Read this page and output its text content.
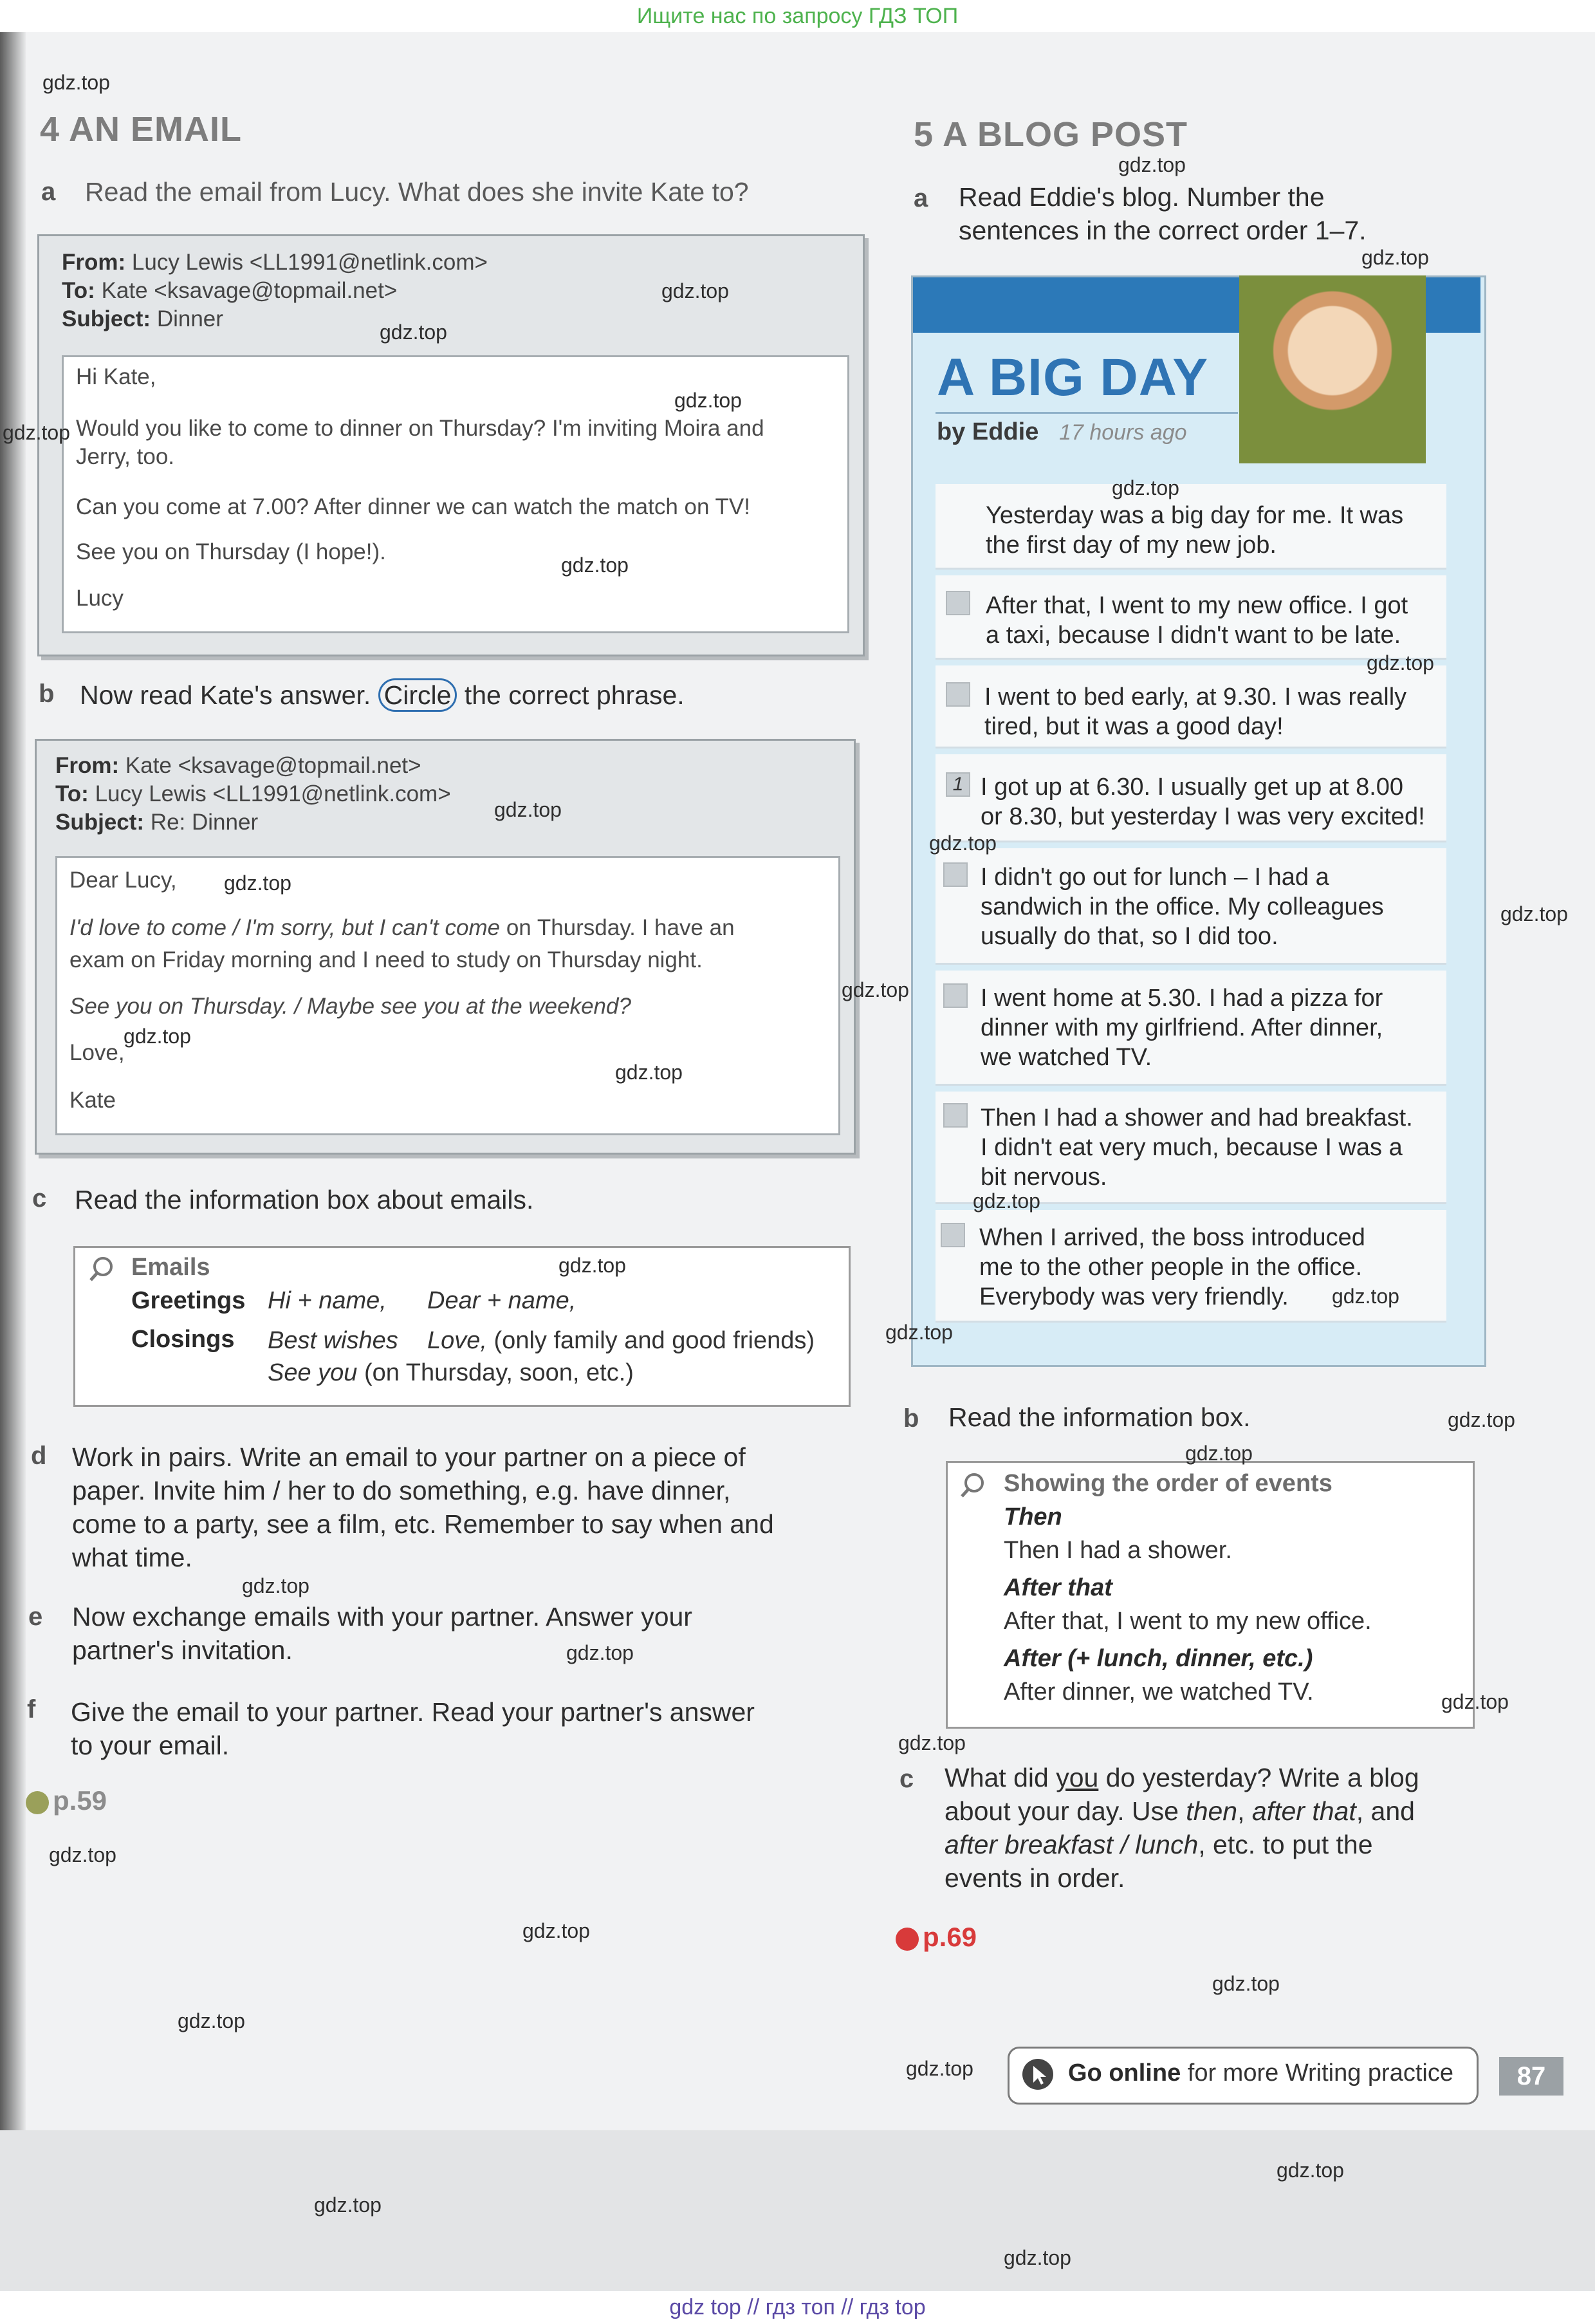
Ищите нас по запросу ГДЗ ТОП
gdz top // гдз топ // гдз top
4 AN EMAIL
a Read the email from Lucy. What does she invite Kate to?
From: Lucy Lewis <LL1991@netlink.com>
To: Kate <ksavage@topmail.net>
Subject: Dinner
Hi Kate,
Would you like to come to dinner on Thursday? I'm inviting Moira and
Jerry, too.
Can you come at 7.00? After dinner we can watch the match on TV!
See you on Thursday (I hope!).
Lucy
b Now read Kate's answer. Circle the correct phrase.
From: Kate <ksavage@topmail.net>
To: Lucy Lewis <LL1991@netlink.com>
Subject: Re: Dinner
Dear Lucy,
I'd love to come / I'm sorry, but I can't come on Thursday. I have an
exam on Friday morning and I need to study on Thursday night.
See you on Thursday. / Maybe see you at the weekend?
Love,
Kate
c Read the information box about emails.
Emails
Greetings Hi + name, Dear + name,
Closings Best wishes Love, (only family and good friends)
See you (on Thursday, soon, etc.)
d Work in pairs. Write an email to your partner on a piece of
paper. Invite him / her to do something, e.g. have dinner,
come to a party, see a film, etc. Remember to say when and
what time.
e Now exchange emails with your partner. Answer your
partner's invitation.
f Give the email to your partner. Read your partner's answer
to your email.
p.59
5 A BLOG POST
a Read Eddie's blog. Number the
sentences in the correct order 1–7.
A BIG DAY
by Eddie 17 hours ago
Yesterday was a big day for me. It was
the first day of my new job.
After that, I went to my new office. I got
a taxi, because I didn't want to be late.
I went to bed early, at 9.30. I was really
tired, but it was a good day!
1 I got up at 6.30. I usually get up at 8.00
or 8.30, but yesterday I was very excited!
I didn't go out for lunch – I had a
sandwich in the office. My colleagues
usually do that, so I did too.
I went home at 5.30. I had a pizza for
dinner with my girlfriend. After dinner,
we watched TV.
Then I had a shower and had breakfast.
I didn't eat very much, because I was a
bit nervous.
When I arrived, the boss introduced
me to the other people in the office.
Everybody was very friendly.
b Read the information box.
Showing the order of events
Then
Then I had a shower.
After that
After that, I went to my new office.
After (+ lunch, dinner, etc.)
After dinner, we watched TV.
c What did you do yesterday? Write a blog
about your day. Use then, after that, and
after breakfast / lunch, etc. to put the
events in order.
p.69
Go online for more Writing practice	87
gdz.top
gdz.top
gdz.top
gdz.top
gdz.top
gdz.top
gdz.top
gdz.top
gdz.top
gdz.top
gdz.top
gdz.top
gdz.top
gdz.top
gdz.top
gdz.top
gdz.top
gdz.top
gdz.top
gdz.top
gdz.top
gdz.top
gdz.top
gdz.top
gdz.top
gdz.top
gdz.top
gdz.top
gdz.top
gdz.top
gdz.top
gdz.top
gdz.top
gdz.top
gdz.top
